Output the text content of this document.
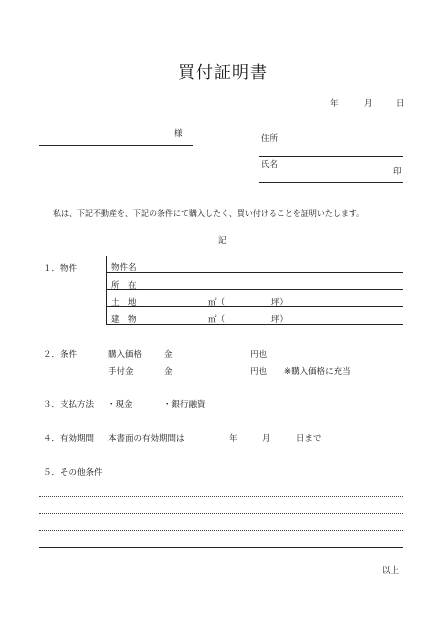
買付証明書
年	月	日
様	住所
氏名
印
私は、下記不動産を、下記の条件にて購入したく、買い付けることを証明いたします。
記
１．物件	物件名
所　在
土　地	㎡（	坪）
建　物	㎡（	坪）
２．条件	購入価格	金	円也
手付金	金	円也 ※購入価格に充当
３．支払方法 ・現金	・銀行融資
４．有効期間 本書面の有効期間は	年	月	日まで
５．その他条件
以上
